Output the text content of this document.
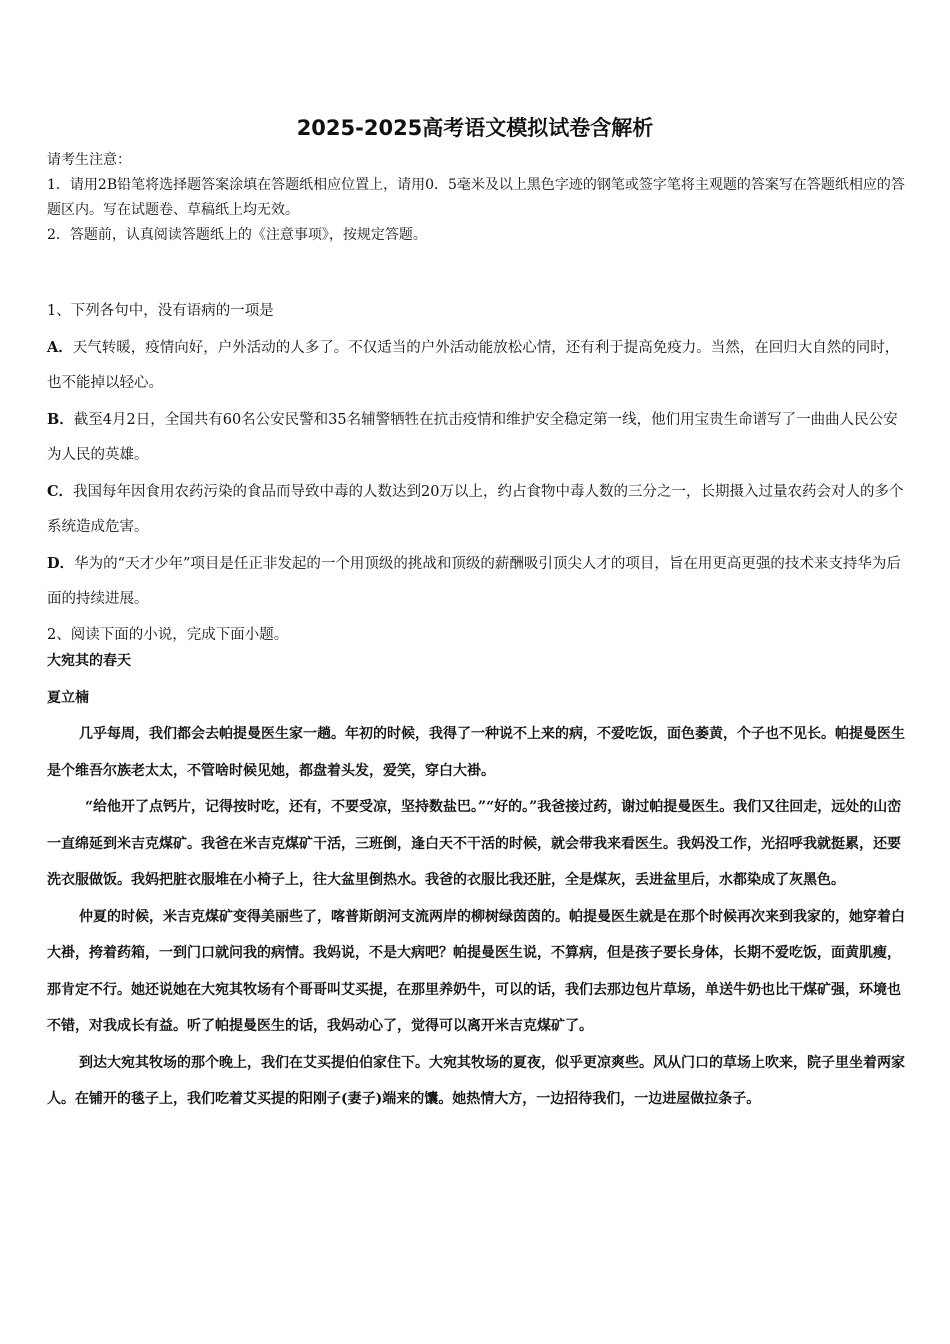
2025-2025高考语文模拟试卷含解析

请考生注意：

1．请用2B铅笔将选择题答案涂填在答题纸相应位置上，请用0．5毫米及以上黑色字迹的钢笔或签字笔将主观题的答案写在答题纸相应的答题区内。写在试题卷、草稿纸上均无效。

2．答题前，认真阅读答题纸上的《注意事项》，按规定答题。

1、下列各句中，没有语病的一项是

A．天气转暖，疫情向好，户外活动的人多了。不仅适当的户外活动能放松心情，还有利于提高免疫力。当然，在回归大自然的同时，也不能掉以轻心。

B．截至4月2日，全国共有60名公安民警和35名辅警牺牲在抗击疫情和维护安全稳定第一线，他们用宝贵生命谱写了一曲曲人民公安为人民的英雄。

C．我国每年因食用农药污染的食品而导致中毒的人数达到20万以上，约占食物中毒人数的三分之一，长期摄入过量农药会对人的多个系统造成危害。

D．华为的“天才少年”项目是任正非发起的一个用顶级的挑战和顶级的薪酬吸引顶尖人才的项目，旨在用更高更强的技术来支持华为后面的持续进展。

2、阅读下面的小说，完成下面小题。

大宛其的春天

夏立楠

几乎每周，我们都会去帕提曼医生家一趟。年初的时候，我得了一种说不上来的病，不爱吃饭，面色萎黄，个子也不见长。帕提曼医生是个维吾尔族老太太，不管啥时候见她，都盘着头发，爱笑，穿白大褂。

“给他开了点钙片，记得按时吃，还有，不要受凉，坚持数盐巴。”“好的。”我爸接过药，谢过帕提曼医生。我们又往回走，远处的山峦一直绵延到米吉克煤矿。我爸在米吉克煤矿干活，三班倒，逢白天不干活的时候，就会带我来看医生。我妈没工作，光招呼我就挺累，还要洗衣服做饭。我妈把脏衣服堆在小椅子上，往大盆里倒热水。我爸的衣服比我还脏，全是煤灰，丢进盆里后，水都染成了灰黑色。

仲夏的时候，米吉克煤矿变得美丽些了，喀普斯朗河支流两岸的柳树绿茵茵的。帕提曼医生就是在那个时候再次来到我家的，她穿着白大褂，挎着药箱，一到门口就问我的病情。我妈说，不是大病吧？帕提曼医生说，不算病，但是孩子要长身体，长期不爱吃饭，面黄肌瘦，那肯定不行。她还说她在大宛其牧场有个哥哥叫艾买提，在那里养奶牛，可以的话，我们去那边包片草场，单送牛奶也比干煤矿强，环境也不错，对我成长有益。听了帕提曼医生的话，我妈动心了，觉得可以离开米吉克煤矿了。

到达大宛其牧场的那个晚上，我们在艾买提伯伯家住下。大宛其牧场的夏夜，似乎更凉爽些。风从门口的草场上吹来，院子里坐着两家人。在铺开的毯子上，我们吃着艾买提的阳刚子(妻子)端来的馕。她热情大方，一边招待我们，一边进屋做拉条子。
